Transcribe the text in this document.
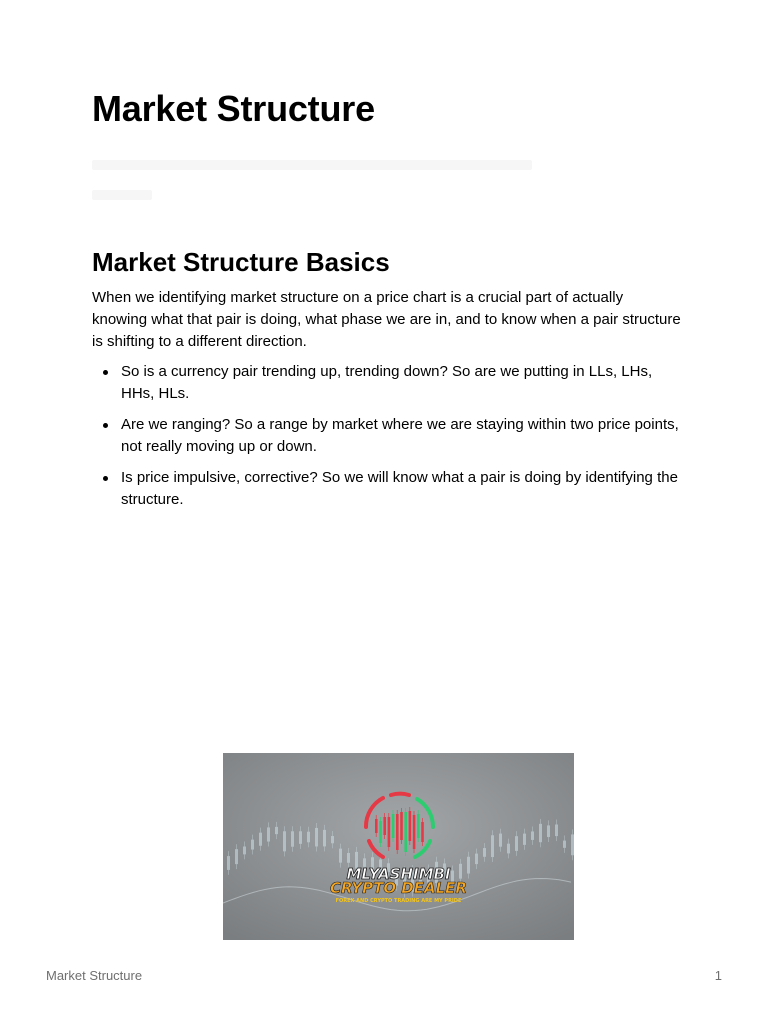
Market Structure
Market Structure Basics

When we identifying market structure on a price chart is a crucial part of actually knowing what that pair is doing, what phase we are in, and to know when a pair structure is shifting to a different direction.

So is a currency pair trending up, trending down? So are we putting in LLs, LHs, HHs, HLs.
Are we ranging? So a range by market where we are staying within two price points, not really moving up or down.
Is price impulsive, corrective? So we will know what a pair is doing by identifying the structure.
MLYASHIMBI
CRYPTO DEALER
FOREX AND CRYPTO TRADING ARE MY PRIDE
Market Structure	1
